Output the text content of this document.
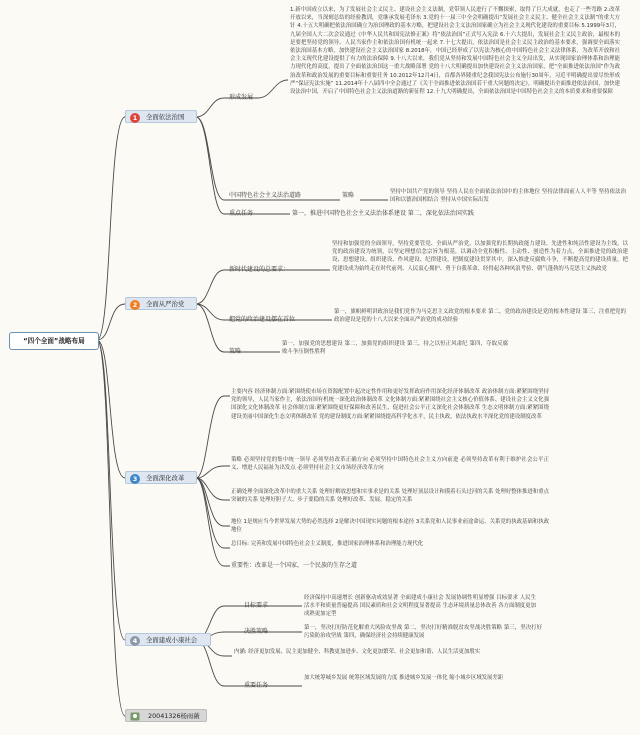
“四个全面”战略布局
1	全面依法治国
2	全面从严治党
3	全面深化改革
4	全面建成小康社会
20041326杨雨薇
形成发展
1.新中国成立以来，为了发展社会主义民主、建设社会主义法制，党带领人民进行了不懈探索，取得了巨大成就，也走了一些弯路 2.改革开放以来，当深刻总结的经验教训，党继承发展毛泽东 3.党的十一届三中全会明确提出“发展社会主义民主、健全社会主义法制”的重大方针 4.十五大明确把依法治国确立为治国理政的基本方略，把建设社会主义法治国家确立为社会主义现代化建设的重要目标 5.1999年3月，九届全国人大二次会议通过《中华人民共和国宪法修正案》将“依法治国”正式写入宪法 6.十六大提出，发展社会主义民主政治，最根本的是要把坚持党的领导、人民当家作主和依法治国有机统一起来 7.十七大提出，依法治国是社会主义民主政治的基本要求，强调要全面落实依法治国基本方略，加快建设社会主义法治国家 8.2018年，中国已经形成了以宪法为核心的中国特色社会主义法律体系，为改革开放和社会主义现代化建设提供了有力的法治保障 9.十八大以来，我们党从坚持和发展中国特色社会主义全局出发，从实现国家治理体系和治理能力现代化的高度，提出了全面依法治国这一重大战略部署 党的十八大明确提出加快建设社会主义法治国家，把“全面推进依法治国”作为政治改革和政治发展的重要目标和重要任务 10.2012年12月4日，首都各界隆重纪念我国宪法公布施行30周年，习近平明确提出要尽快形成严“保证宪法实施” 11.2014年十八届四中全会通过了《关于全面推进依法治国若干重大问题的决定》，明确提出全面推进依法治国，加快建设法治中国，开启了中国特色社会主义法治道路的新征程 12.十九大明确提出，全面依法治国是中国特色社会主义的本质要求和重要保障
中国特色社会主义法治道路	策略	坚持中国共产党的领导 坚持人民在全面依法治国中的主体地位 坚持法律面前人人平等 坚持依法治国和以德治国相结合 坚持从中国实际出发
重点任务	第一，推进中国特色社会主义法治体系建设 第二，深化依法治国实践
新时代建设的总要求：
坚持和加强党的全面领导，坚持党要管党、全面从严治党，以加强党的长期执政能力建设、先进性和纯洁性建设为主线，以党的政治建设为统领，以坚定理想信念宗旨为根基，以调动全党积极性、主动性、创造性为着力点，全面推进党的政治建设、思想建设、组织建设、作风建设、纪律建设，把制度建设贯穿其中，深入推进反腐败斗争，不断提高党的建设质量，把党建设成为始终走在时代前列、人民衷心拥护、勇于自我革命、经得起各种风浪考验、朝气蓬勃的马克思主义执政党
把党的政治建设摆在首位
第一，旗帜鲜明讲政治是我们党作为马克思主义政党的根本要求 第二，党的政治建设是党的根本性建设 第三，注重把党的政治建设是党的十八大以来全面从严治党的成功经验
策略
第一，加强党的思想建设 第二，加强党的组织建设 第三，持之以恒正风肃纪 第四，夺取反腐败斗争压倒性胜利
主要内容 经济体制方面:紧围绕使市场在资源配置中起决定性作用和更好发挥政府作用深化经济体制改革 政治体制方面:紧紧围绕坚持党的领导，人民当家作主，依法治国有机统一深化政治体制改革 文化体制方面:紧紧围绕社会主义核心价值体系、建设社会主义文化强国深化文化体制改革 社会体制方面:紧紧围绕更好保障和改善民生、促进社会公平正义深化社会体制改革 生态文明体制方面:紧紧围绕建设美丽中国深化生态文明体制改革 党的建设制度方面:紧紧围绕提高科学化水平，民主执政，依法执政水平深化党的建设制度改革
策略 必须坚持党的集中统一领导 必须坚持改革正确方向 必须坚持中国特色社会主义方向前进 必须坚持改革有利于维护社会公平正义、增进人民福祉为出发点 必须坚持社会主义市场经济改革方向
正确处理全面深化改革中的重大关系 处理好解放思想和实事求是的关系 处理好顶层设计和摸着石头过河的关系 处理好整体推进和重点突破的关系 处理好胆子大、步子要稳的关系 处理好改革、发展、稳定的关系
地位 1是规应当今世界发展大势的必然选择 2是解决中国现实问题的根本途径 3关系党和人民事业前途命运、关系党的执政基础和执政地位
总目标: 完善和发展中国特色社会主义制度，推进国家治理体系和治理能力现代化
重要性：改革是一个国家，一个民族的生存之道
目标要求
经济保持中高速增长 创新驱动成效显著 全面建成小康社会 发展协调性明显增强 目标要求 人民生活水平和质量普遍提高 国民素质和社会文明程度显著提高 生态环境质量总体改善 各方面制度更加成熟更加定型
决胜策略	第一，坚决打好防范化解重大风险攻坚战 第二，坚决打好精准脱贫攻坚战决胜策略 第三，坚决打好污染防治攻坚战 第四，确保经济社会持续健康发展
内涵: 经济更加发展、民主更加健全、科教更加进步、文化更加繁荣、社会更加和谐、人民生活更加殷实
重要任务
加大统筹城乡发展 统筹区域发展的力度 推进城乡发展一体化 缩小城乡区域发展差距
